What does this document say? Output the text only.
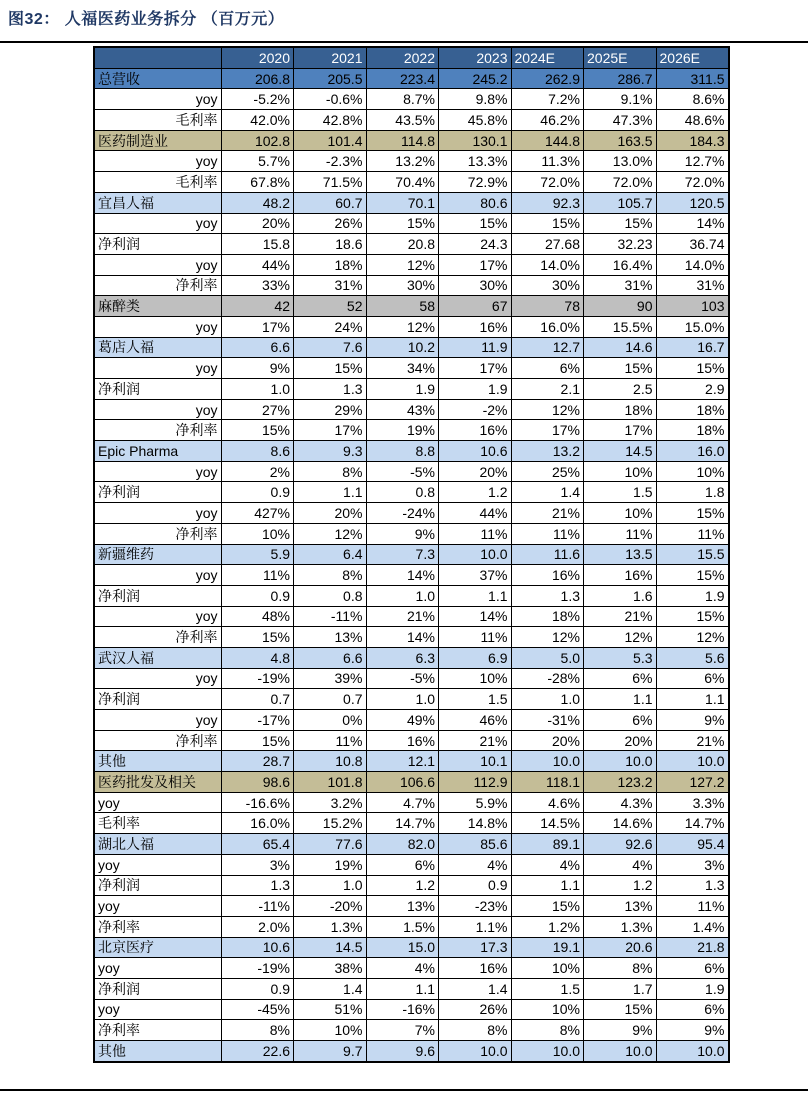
图32： 人福医药业务拆分 （百万元）
	2020	2021	2022	2023	2024E	2025E	2026E
总营收	206.8	205.5	223.4	245.2	262.9	286.7	311.5
yoy	-5.2%	-0.6%	8.7%	9.8%	7.2%	9.1%	8.6%
毛利率	42.0%	42.8%	43.5%	45.8%	46.2%	47.3%	48.6%
医药制造业	102.8	101.4	114.8	130.1	144.8	163.5	184.3
yoy	5.7%	-2.3%	13.2%	13.3%	11.3%	13.0%	12.7%
毛利率	67.8%	71.5%	70.4%	72.9%	72.0%	72.0%	72.0%
宜昌人福	48.2	60.7	70.1	80.6	92.3	105.7	120.5
yoy	20%	26%	15%	15%	15%	15%	14%
净利润	15.8	18.6	20.8	24.3	27.68	32.23	36.74
yoy	44%	18%	12%	17%	14.0%	16.4%	14.0%
净利率	33%	31%	30%	30%	30%	31%	31%
麻醉类	42	52	58	67	78	90	103
yoy	17%	24%	12%	16%	16.0%	15.5%	15.0%
葛店人福	6.6	7.6	10.2	11.9	12.7	14.6	16.7
yoy	9%	15%	34%	17%	6%	15%	15%
净利润	1.0	1.3	1.9	1.9	2.1	2.5	2.9
yoy	27%	29%	43%	-2%	12%	18%	18%
净利率	15%	17%	19%	16%	17%	17%	18%
Epic Pharma	8.6	9.3	8.8	10.6	13.2	14.5	16.0
yoy	2%	8%	-5%	20%	25%	10%	10%
净利润	0.9	1.1	0.8	1.2	1.4	1.5	1.8
yoy	427%	20%	-24%	44%	21%	10%	15%
净利率	10%	12%	9%	11%	11%	11%	11%
新疆维药	5.9	6.4	7.3	10.0	11.6	13.5	15.5
yoy	11%	8%	14%	37%	16%	16%	15%
净利润	0.9	0.8	1.0	1.1	1.3	1.6	1.9
yoy	48%	-11%	21%	14%	18%	21%	15%
净利率	15%	13%	14%	11%	12%	12%	12%
武汉人福	4.8	6.6	6.3	6.9	5.0	5.3	5.6
yoy	-19%	39%	-5%	10%	-28%	6%	6%
净利润	0.7	0.7	1.0	1.5	1.0	1.1	1.1
yoy	-17%	0%	49%	46%	-31%	6%	9%
净利率	15%	11%	16%	21%	20%	20%	21%
其他	28.7	10.8	12.1	10.1	10.0	10.0	10.0
医药批发及相关	98.6	101.8	106.6	112.9	118.1	123.2	127.2
yoy	-16.6%	3.2%	4.7%	5.9%	4.6%	4.3%	3.3%
毛利率	16.0%	15.2%	14.7%	14.8%	14.5%	14.6%	14.7%
湖北人福	65.4	77.6	82.0	85.6	89.1	92.6	95.4
yoy	3%	19%	6%	4%	4%	4%	3%
净利润	1.3	1.0	1.2	0.9	1.1	1.2	1.3
yoy	-11%	-20%	13%	-23%	15%	13%	11%
净利率	2.0%	1.3%	1.5%	1.1%	1.2%	1.3%	1.4%
北京医疗	10.6	14.5	15.0	17.3	19.1	20.6	21.8
yoy	-19%	38%	4%	16%	10%	8%	6%
净利润	0.9	1.4	1.1	1.4	1.5	1.7	1.9
yoy	-45%	51%	-16%	26%	10%	15%	6%
净利率	8%	10%	7%	8%	8%	9%	9%
其他	22.6	9.7	9.6	10.0	10.0	10.0	10.0
